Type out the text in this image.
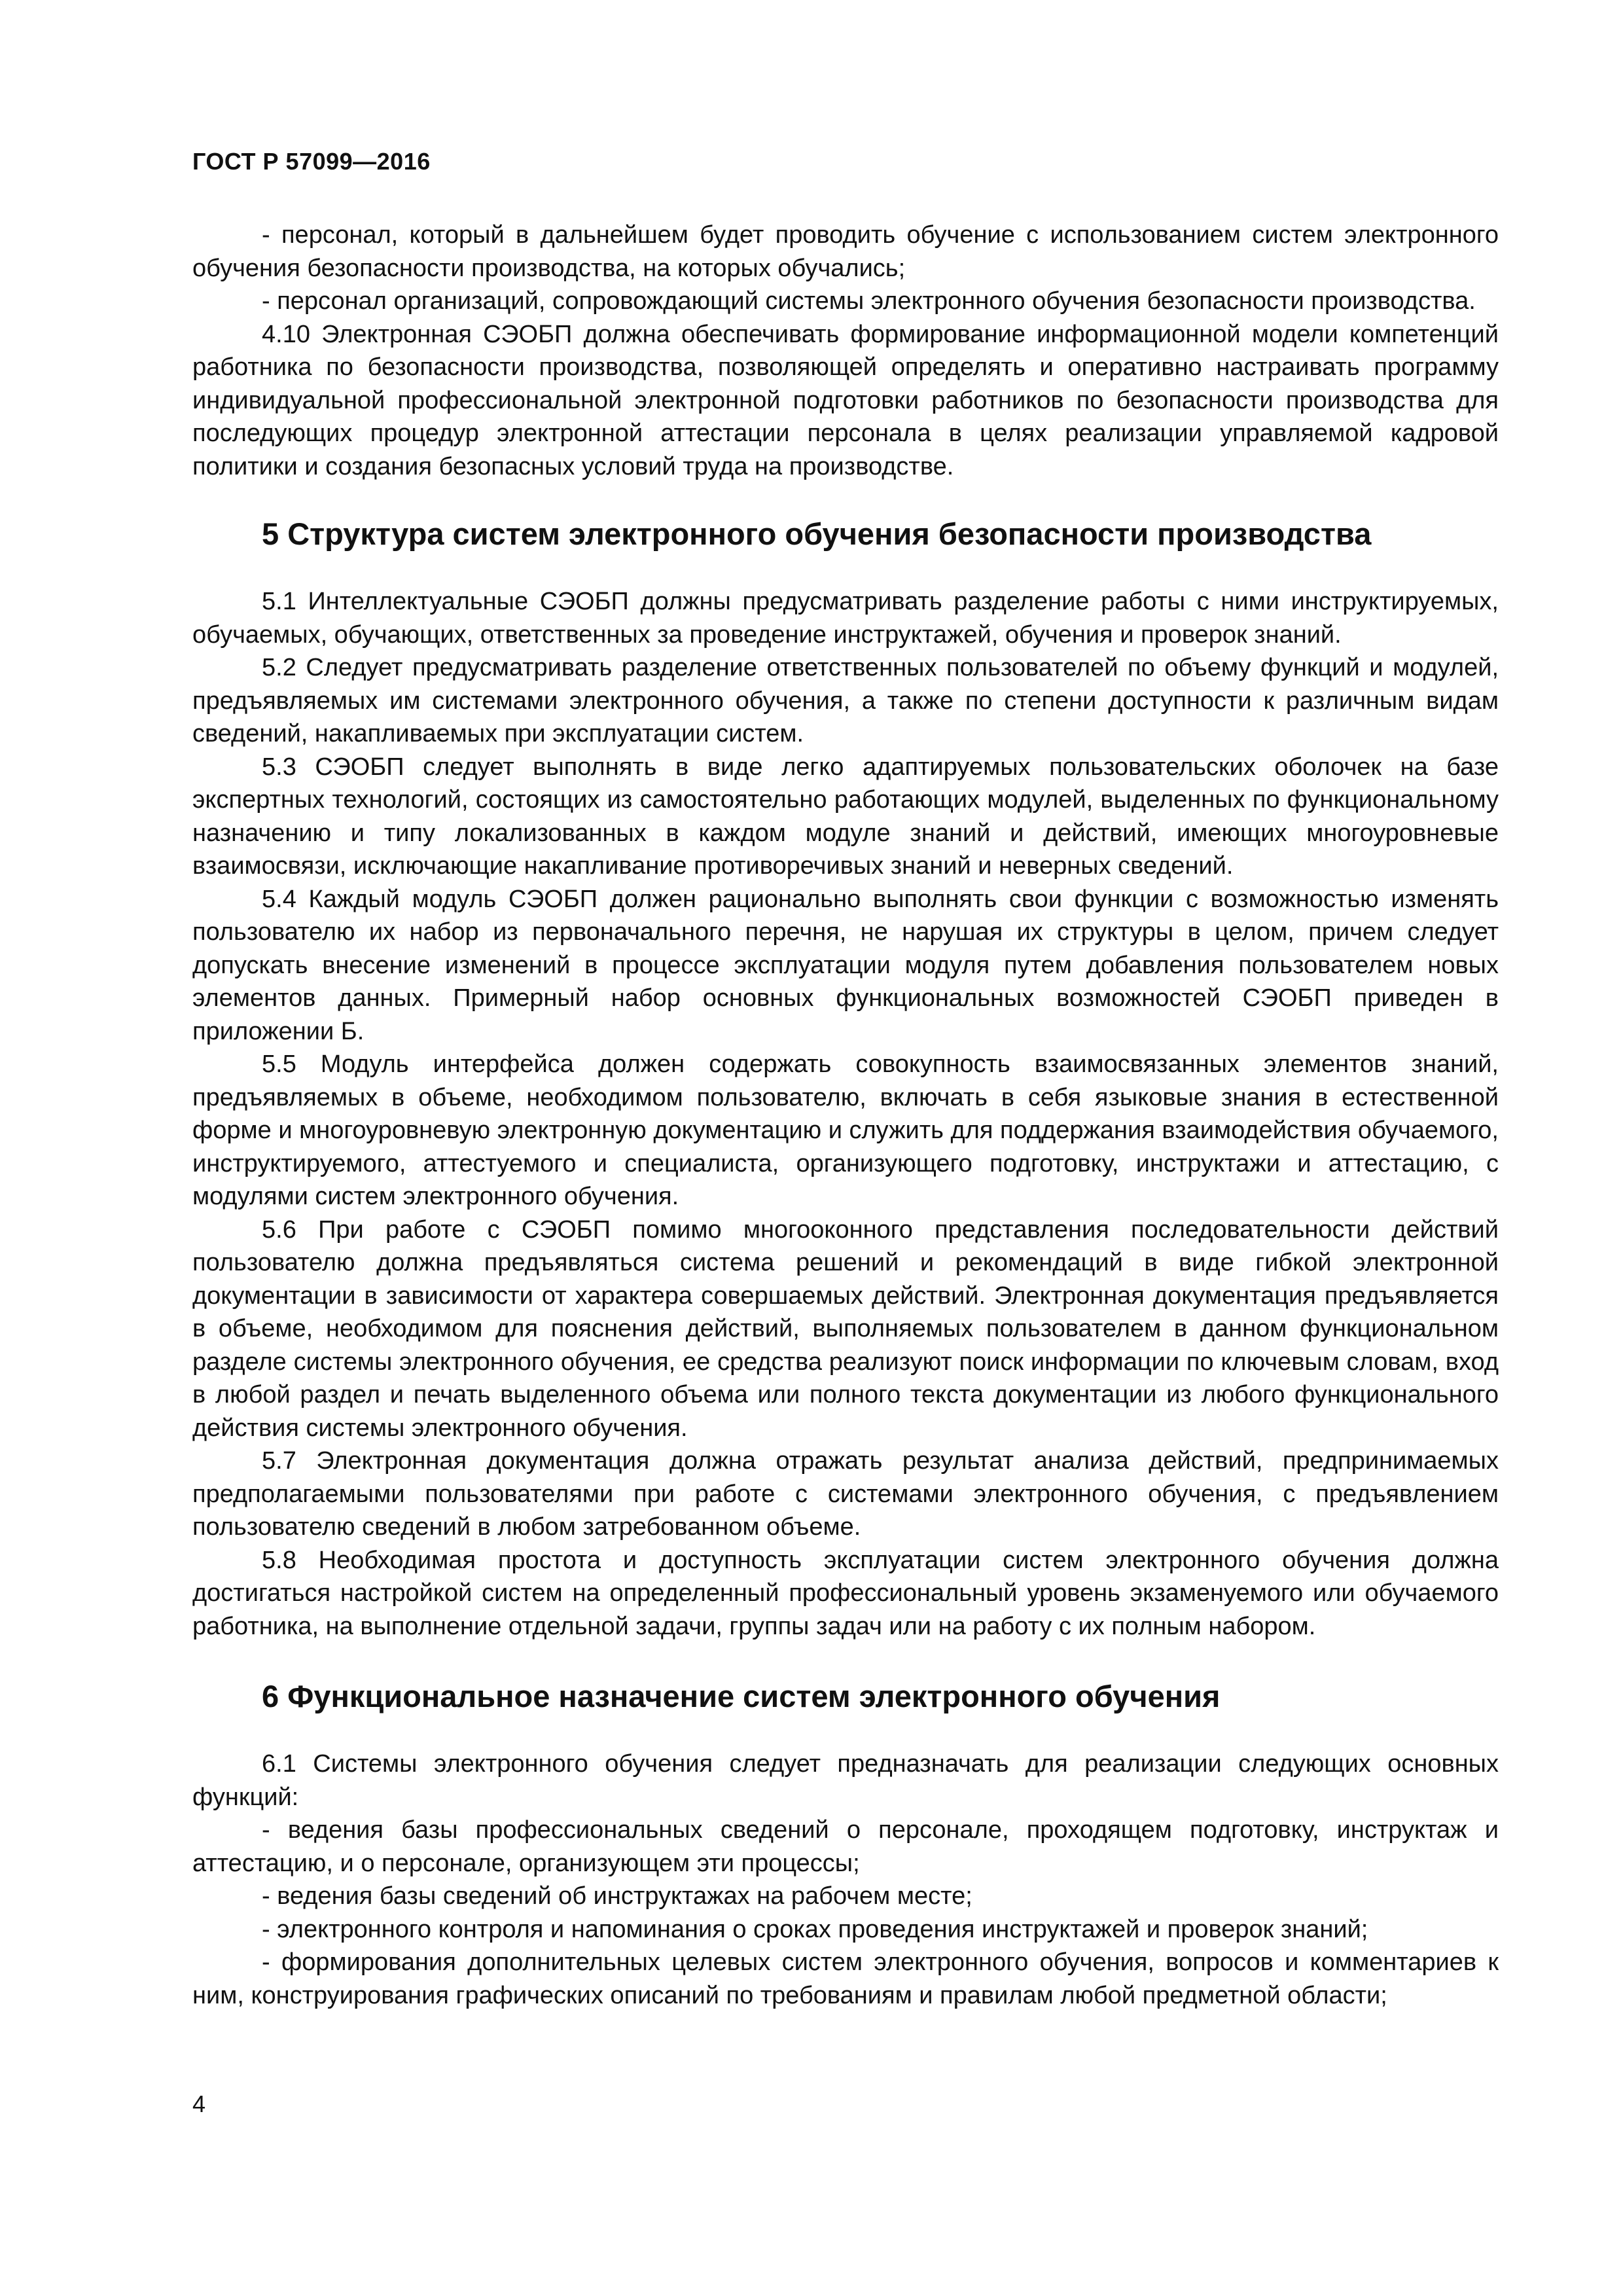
ГОСТ Р 57099—2016

- персонал, который в дальнейшем будет проводить обучение с использованием систем электронного обучения безопасности производства, на которых обучались;

- персонал организаций, сопровождающий системы электронного обучения безопасности производства.

4.10 Электронная СЭОБП должна обеспечивать формирование информационной модели компетенций работника по безопасности производства, позволяющей определять и оперативно настраивать программу индивидуальной профессиональной электронной подготовки работников по безопасности производства для последующих процедур электронной аттестации персонала в целях реализации управляемой кадровой политики и создания безопасных условий труда на производстве.

5 Структура систем электронного обучения безопасности производства

5.1 Интеллектуальные СЭОБП должны предусматривать разделение работы с ними инструктируемых, обучаемых, обучающих, ответственных за проведение инструктажей, обучения и проверок знаний.

5.2 Следует предусматривать разделение ответственных пользователей по объему функций и модулей, предъявляемых им системами электронного обучения, а также по степени доступности к различным видам сведений, накапливаемых при эксплуатации систем.

5.3 СЭОБП следует выполнять в виде легко адаптируемых пользовательских оболочек на базе экспертных технологий, состоящих из самостоятельно работающих модулей, выделенных по функциональному назначению и типу локализованных в каждом модуле знаний и действий, имеющих многоуровневые взаимосвязи, исключающие накапливание противоречивых знаний и неверных сведений.

5.4 Каждый модуль СЭОБП должен рационально выполнять свои функции с возможностью изменять пользователю их набор из первоначального перечня, не нарушая их структуры в целом, причем следует допускать внесение изменений в процессе эксплуатации модуля путем добавления пользователем новых элементов данных. Примерный набор основных функциональных возможностей СЭОБП приведен в приложении Б.

5.5 Модуль интерфейса должен содержать совокупность взаимосвязанных элементов знаний, предъявляемых в объеме, необходимом пользователю, включать в себя языковые знания в естественной форме и многоуровневую электронную документацию и служить для поддержания взаимодействия обучаемого, инструктируемого, аттестуемого и специалиста, организующего подготовку, инструктажи и аттестацию, с модулями систем электронного обучения.

5.6 При работе с СЭОБП помимо многооконного представления последовательности действий пользователю должна предъявляться система решений и рекомендаций в виде гибкой электронной документации в зависимости от характера совершаемых действий. Электронная документация предъявляется в объеме, необходимом для пояснения действий, выполняемых пользователем в данном функциональном разделе системы электронного обучения, ее средства реализуют поиск информации по ключевым словам, вход в любой раздел и печать выделенного объема или полного текста документации из любого функционального действия системы электронного обучения.

5.7 Электронная документация должна отражать результат анализа действий, предпринимаемых предполагаемыми пользователями при работе с системами электронного обучения, с предъявлением пользователю сведений в любом затребованном объеме.

5.8 Необходимая простота и доступность эксплуатации систем электронного обучения должна достигаться настройкой систем на определенный профессиональный уровень экзаменуемого или обучаемого работника, на выполнение отдельной задачи, группы задач или на работу с их полным набором.

6 Функциональное назначение систем электронного обучения

6.1 Системы электронного обучения следует предназначать для реализации следующих основных функций:

- ведения базы профессиональных сведений о персонале, проходящем подготовку, инструктаж и аттестацию, и о персонале, организующем эти процессы;

- ведения базы сведений об инструктажах на рабочем месте;

- электронного контроля и напоминания о сроках проведения инструктажей и проверок знаний;

- формирования дополнительных целевых систем электронного обучения, вопросов и комментариев к ним, конструирования графических описаний по требованиям и правилам любой предметной области;

4
